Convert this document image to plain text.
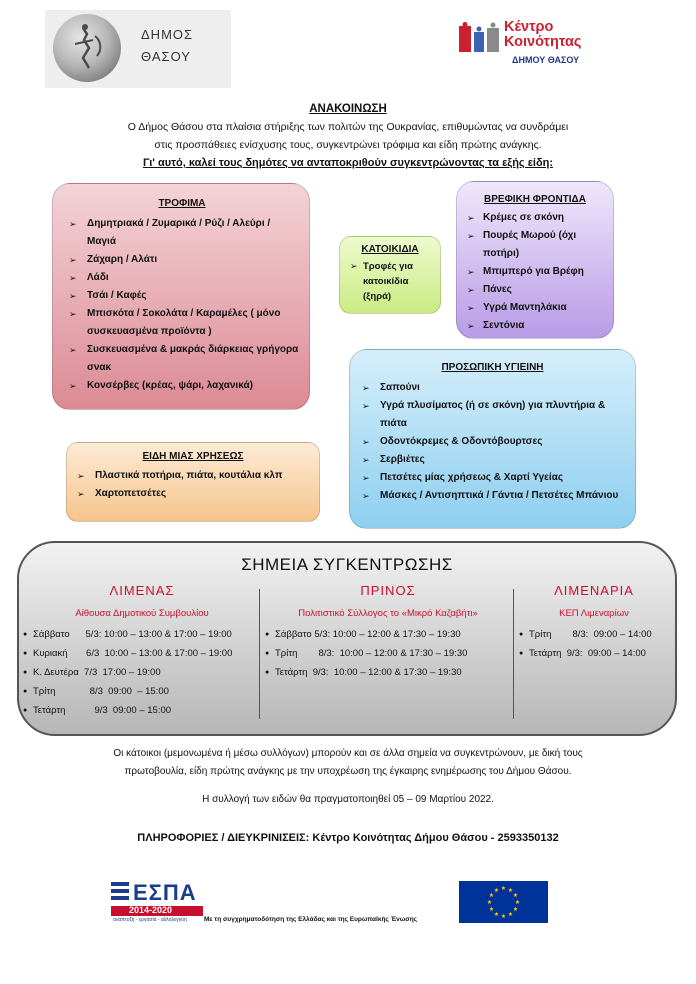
ΔΗΜΟΣ
ΘΑΣΟΥ
Κέντρο
Κοινότητας
ΔΗΜΟΥ ΘΑΣΟΥ
ΑΝΑΚΟΙΝΩΣΗ
Ο Δήμος Θάσου στα πλαίσια στήριξης των πολιτών της Ουκρανίας, επιθυμώντας να συνδράμει
στις προσπάθειες ενίσχυσης τους, συγκεντρώνει τρόφιμα και είδη πρώτης ανάγκης.
Γι' αυτό, καλεί τους δημότες να ανταποκριθούν συγκεντρώνοντας τα εξής είδη:
ΤΡΟΦΙΜΑ
➢ Δημητριακά / Ζυμαρικά / Ρύζι / Αλεύρι / Μαγιά
➢ Ζάχαρη / Αλάτι
➢ Λάδι
➢ Τσάι / Καφές
➢ Μπισκότα / Σοκολάτα / Καραμέλες ( μόνο συσκευασμένα προϊόντα )
➢ Συσκευασμένα & μακράς διάρκειας γρήγορα σνακ
➢ Κονσέρβες (κρέας, ψάρι, λαχανικά)
ΚΑΤΟΙΚΙΔΙΑ
➢ Τροφές για κατοικίδια (ξηρά)
ΒΡΕΦΙΚΗ ΦΡΟΝΤΙΔΑ
➢ Κρέμες σε σκόνη
➢ Πουρές Μωρού (όχι ποτήρι)
➢ Μπιμπερό για Βρέφη
➢ Πάνες
➢ Υγρά Μαντηλάκια
➢ Σεντόνια
ΠΡΟΣΩΠΙΚΗ ΥΓΙΕΙΝΗ
➢ Σαπούνι
➢ Υγρά πλυσίματος (ή σε σκόνη) για πλυντήρια & πιάτα
➢ Οδοντόκρεμες & Οδοντόβουρτσες
➢ Σερβιέτες
➢ Πετσέτες μίας χρήσεως & Χαρτί Υγείας
➢ Μάσκες / Αντισηπτικά / Γάντια / Πετσέτες Μπάνιου
ΕΙΔΗ ΜΙΑΣ ΧΡΗΣΕΩΣ
➢ Πλαστικά ποτήρια, πιάτα, κουτάλια κλπ
➢ Χαρτοπετσέτες
ΣΗΜΕΙΑ ΣΥΓΚΕΝΤΡΩΣΗΣ
ΛΙΜΕΝΑΣ
Αίθουσα Δημοτικού Συμβουλίου
● Σάββατο      5/3: 10:00 – 13:00 & 17:00 – 19:00
● Κυριακή       6/3  10:00 – 13:00 & 17:00 – 19:00
● Κ. Δευτέρα  7/3  17:00 – 19:00
● Τρίτη             8/3  09:00  – 15:00
● Τετάρτη           9/3  09:00 – 15:00
ΠΡΙΝΟΣ
Πολιτιστικό Σύλλογος το «Μικρό Καζαβήτι»
● Σάββατο 5/3: 10:00 – 12:00 & 17:30 – 19:30
● Τρίτη        8/3:  10:00 – 12:00 & 17:30 – 19:30
● Τετάρτη  9/3:  10:00 – 12:00 & 17:30 – 19:30
ΛΙΜΕΝΑΡΙΑ
ΚΕΠ Λιμεναρίων
● Τρίτη        8/3:  09:00 – 14:00
● Τετάρτη  9/3:  09:00 – 14:00
Οι κάτοικοι (μεμονωμένα ή μέσω συλλόγων) μπορούν και σε άλλα σημεία να συγκεντρώνουν, με δική τους
πρωτοβουλία, είδη πρώτης ανάγκης με την υποχρέωση της έγκαιρης ενημέρωσης του Δήμου Θάσου.
Η συλλογή των ειδών θα πραγματοποιηθεί 05 – 09 Μαρτίου 2022.
ΠΛΗΡΟΦΟΡΙΕΣ / ΔΙΕΥΚΡΙΝΙΣΕΙΣ: Κέντρο Κοινότητας Δήμου Θάσου - 2593350132
ΕΣΠΑ
2014-2020
ανάπτυξη - εργασία - αλληλεγγύη	Με τη συγχρηματοδότηση της Ελλάδας και της Ευρωπαϊκής Ένωσης
★ ★
★
★
★
★
★
★
★
★
★
★
